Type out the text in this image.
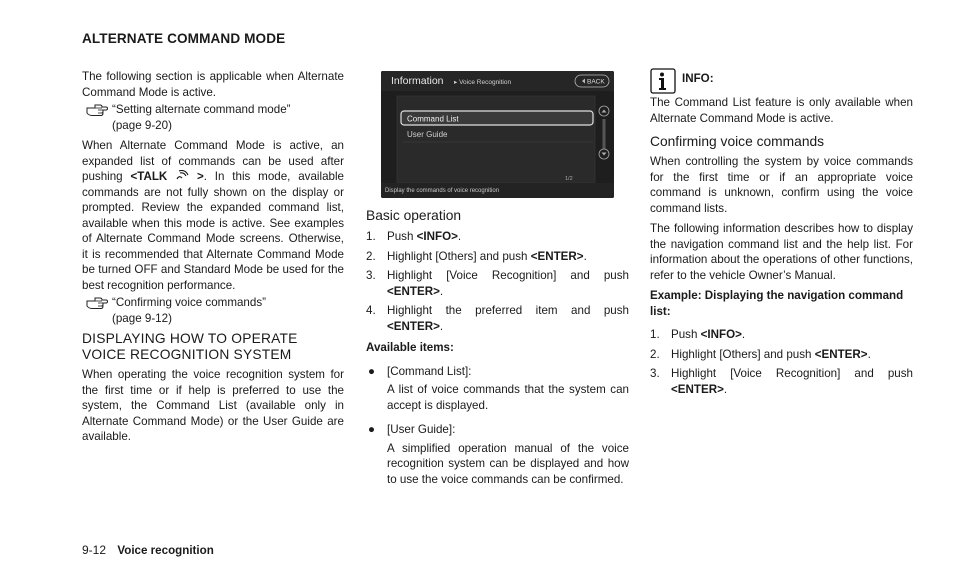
ALTERNATE COMMAND MODE

The following section is applicable when Alternate Command Mode is active.

“Setting alternate command mode”
(page 9-20)

When Alternate Command Mode is active, an expanded list of commands can be used after pushing <TALK	>. In this mode, available commands are not fully shown on the display or prompted. Review the expanded command list, available when this mode is active. See examples of Alternate Command Mode screens. Otherwise, it is recommended that Alternate Command Mode be turned OFF and Standard Mode be used for the best recognition performance.

“Confirming voice commands”
(page 9-12)
DISPLAYING HOW TO OPERATE VOICE RECOGNITION SYSTEM

When operating the voice recognition system for the first time or if help is preferred to use the system, the Command List (available only in Alternate Command Mode) or the User Guide are available.

Information ▸ Voice Recognition	BACK
Command List
User Guide
1/2
Display the commands of voice recognition
Basic operation
1. Push <INFO>.
2. Highlight [Others] and push <ENTER>.
3. Highlight [Voice Recognition] and push <ENTER>.
4. Highlight the preferred item and push <ENTER>.
Available items:
● [Command List]:
A list of voice commands that the system can accept is displayed.
● [User Guide]:
A simplified operation manual of the voice recognition system can be displayed and how to use the voice commands can be confirmed.
INFO:

The Command List feature is only available when Alternate Command Mode is active.

Confirming voice commands

When controlling the system by voice commands for the first time or if an appropriate voice command is unknown, confirm using the voice command lists.

The following information describes how to display the navigation command list and the help list. For information about the operations of other functions, refer to the vehicle Owner’s Manual.

Example: Displaying the navigation command list:
1. Push <INFO>.
2. Highlight [Others] and push <ENTER>.
3. Highlight [Voice Recognition] and push <ENTER>.
9-12 Voice recognition
